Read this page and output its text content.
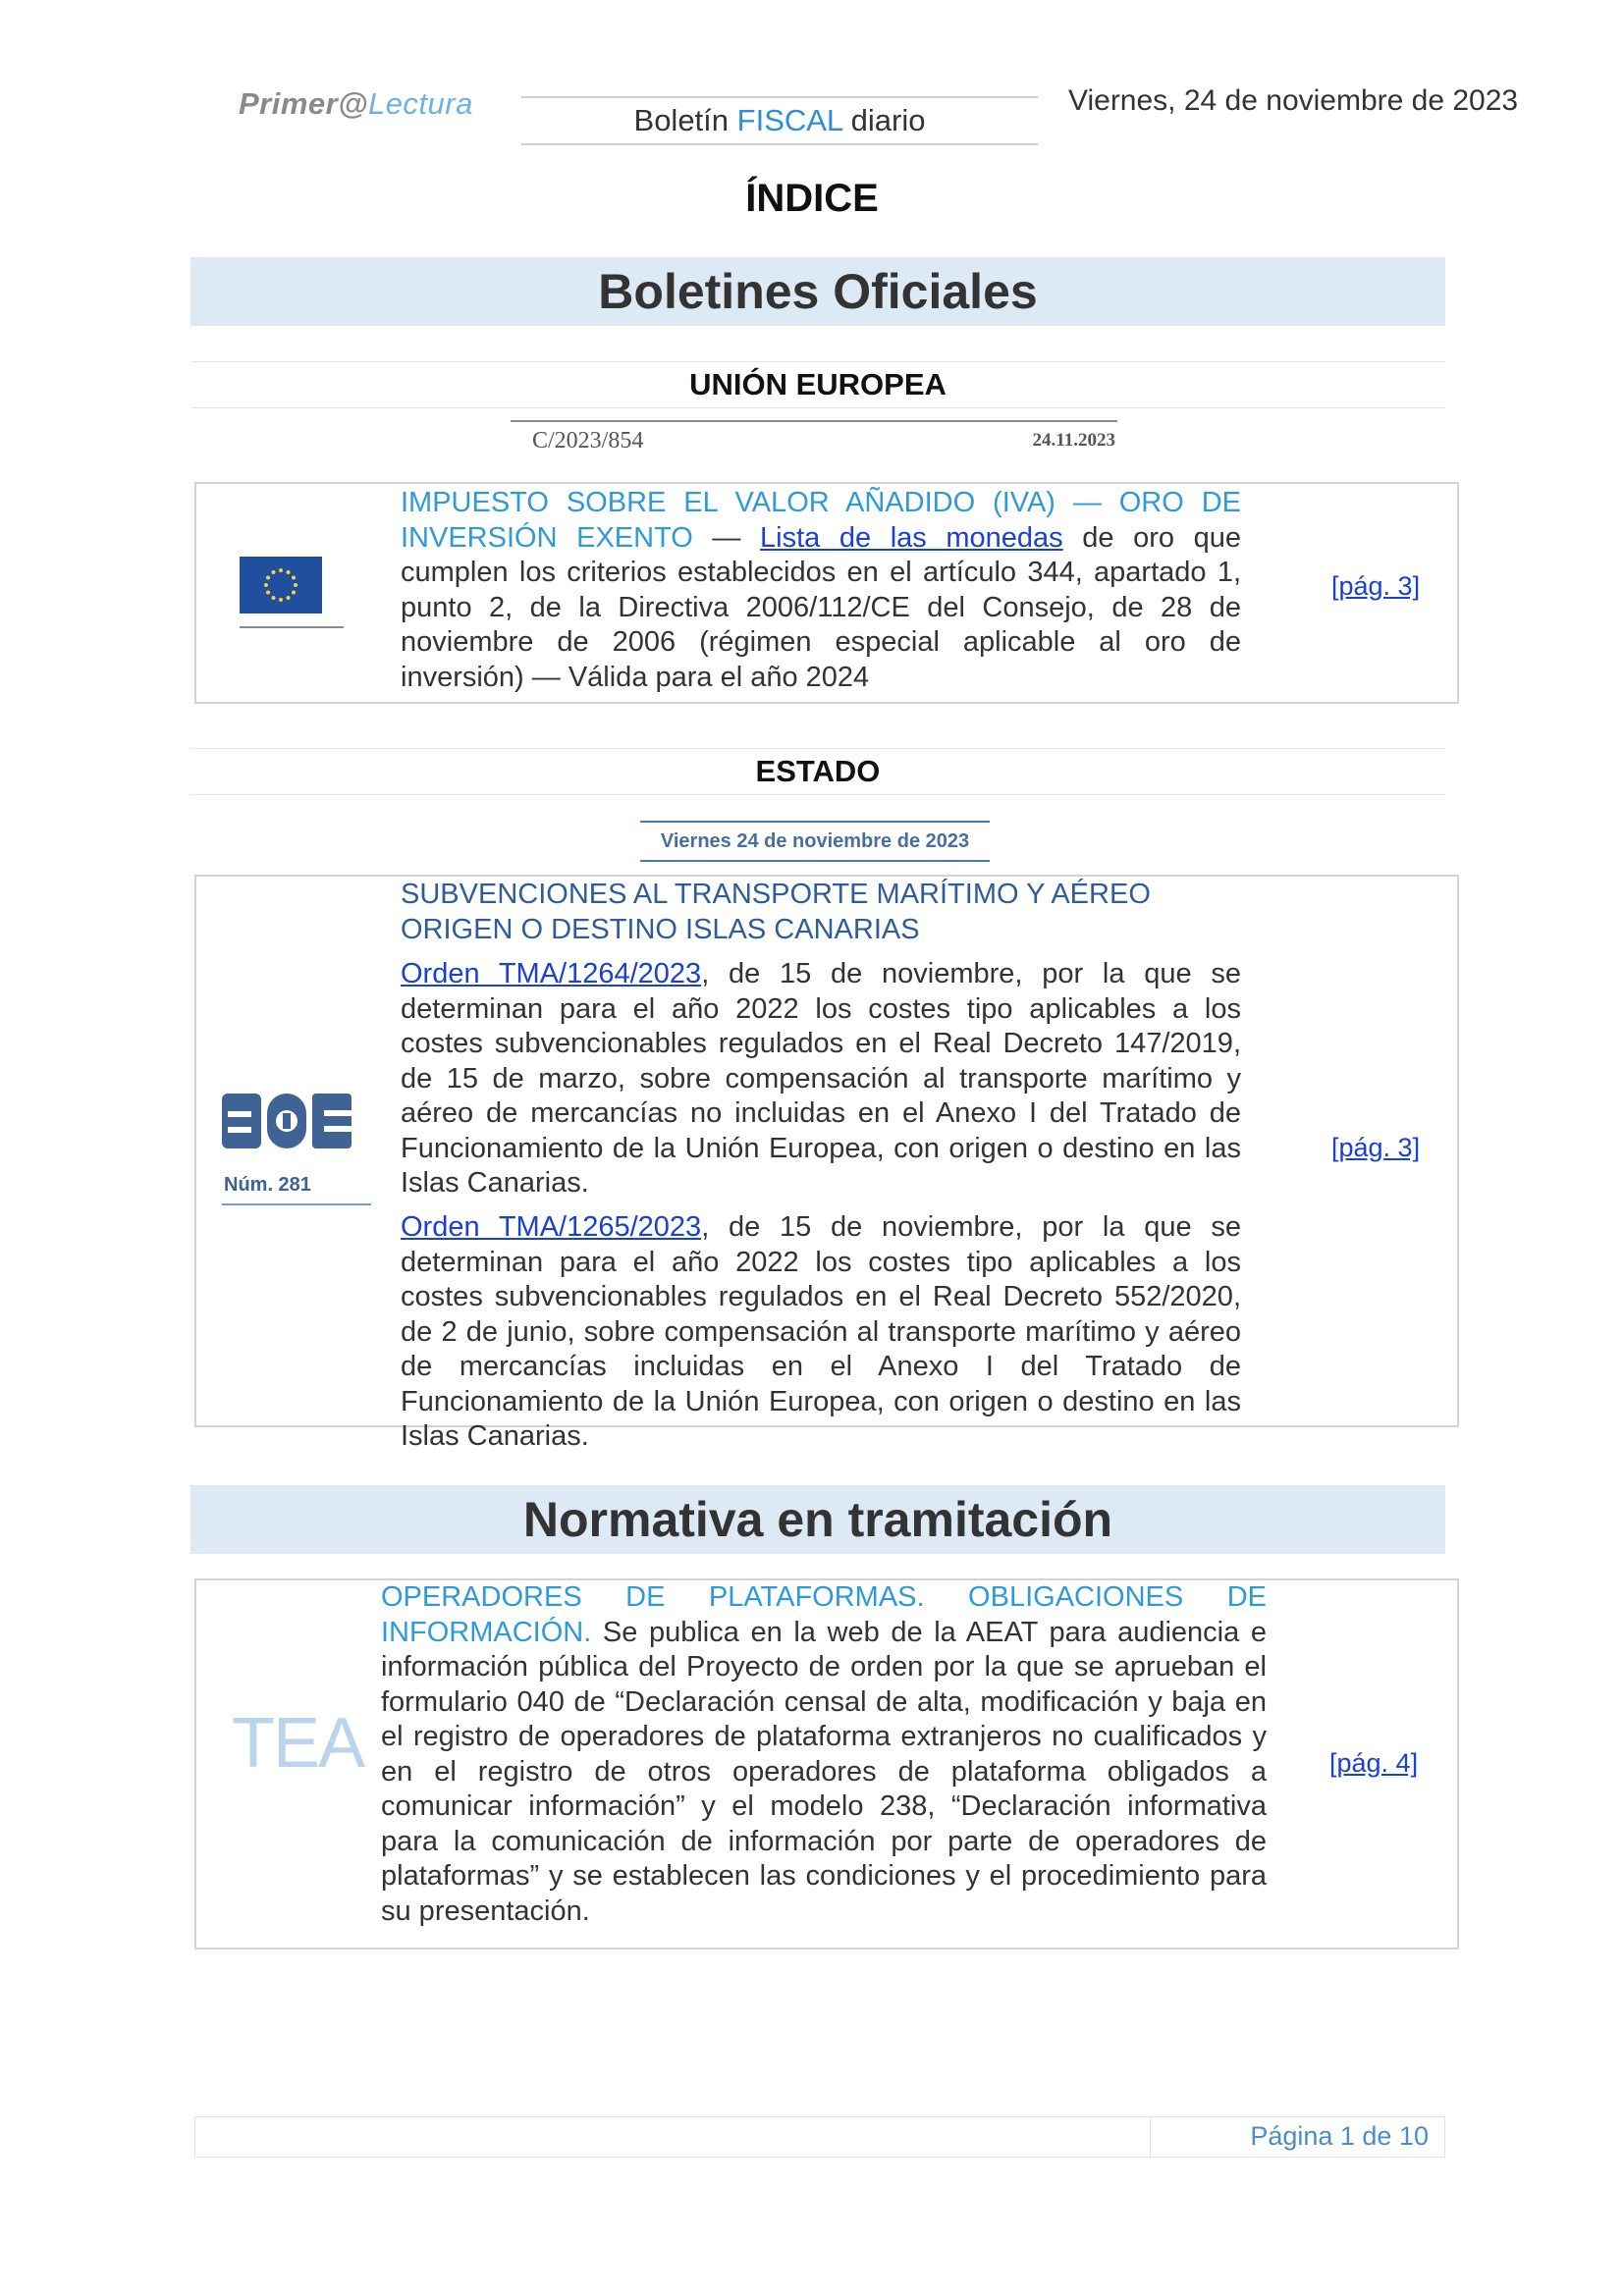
Primer@Lectura	Boletín FISCAL diario
Viernes, 24 de noviembre de 2023
ÍNDICE
Boletines Oficiales
UNIÓN EUROPEA
C/2023/854	24.11.2023
IMPUESTO SOBRE EL VALOR AÑADIDO (IVA) — ORO DE INVERSIÓN EXENTO — Lista de las monedas de oro que cumplen los criterios establecidos en el artículo 344, apartado 1, punto 2, de la Directiva 2006/112/CE del Consejo, de 28 de noviembre de 2006 (régimen especial aplicable al oro de inversión) — Válida para el año 2024
[pág. 3]
ESTADO
Viernes 24 de noviembre de 2023
Núm. 281
SUBVENCIONES AL TRANSPORTE MARÍTIMO Y AÉREO ORIGEN O DESTINO ISLAS CANARIAS
Orden TMA/1264/2023, de 15 de noviembre, por la que se determinan para el año 2022 los costes tipo aplicables a los costes subvencionables regulados en el Real Decreto 147/2019, de 15 de marzo, sobre compensación al transporte marítimo y aéreo de mercancías no incluidas en el Anexo I del Tratado de Funcionamiento de la Unión Europea, con origen o destino en las Islas Canarias.
Orden TMA/1265/2023, de 15 de noviembre, por la que se determinan para el año 2022 los costes tipo aplicables a los costes subvencionables regulados en el Real Decreto 552/2020, de 2 de junio, sobre compensación al transporte marítimo y aéreo de mercancías incluidas en el Anexo I del Tratado de Funcionamiento de la Unión Europea, con origen o destino en las Islas Canarias.
[pág. 3]
Normativa en tramitación
TEA
OPERADORES DE PLATAFORMAS. OBLIGACIONES DE INFORMACIÓN. Se publica en la web de la AEAT para audiencia e información pública del Proyecto de orden por la que se aprueban el formulario 040 de “Declaración censal de alta, modificación y baja en el registro de operadores de plataforma extranjeros no cualificados y en el registro de otros operadores de plataforma obligados a comunicar información” y el modelo 238, “Declaración informativa para la comunicación de información por parte de operadores de plataformas” y se establecen las condiciones y el procedimiento para su presentación.
[pág. 4]
Página 1 de 10
